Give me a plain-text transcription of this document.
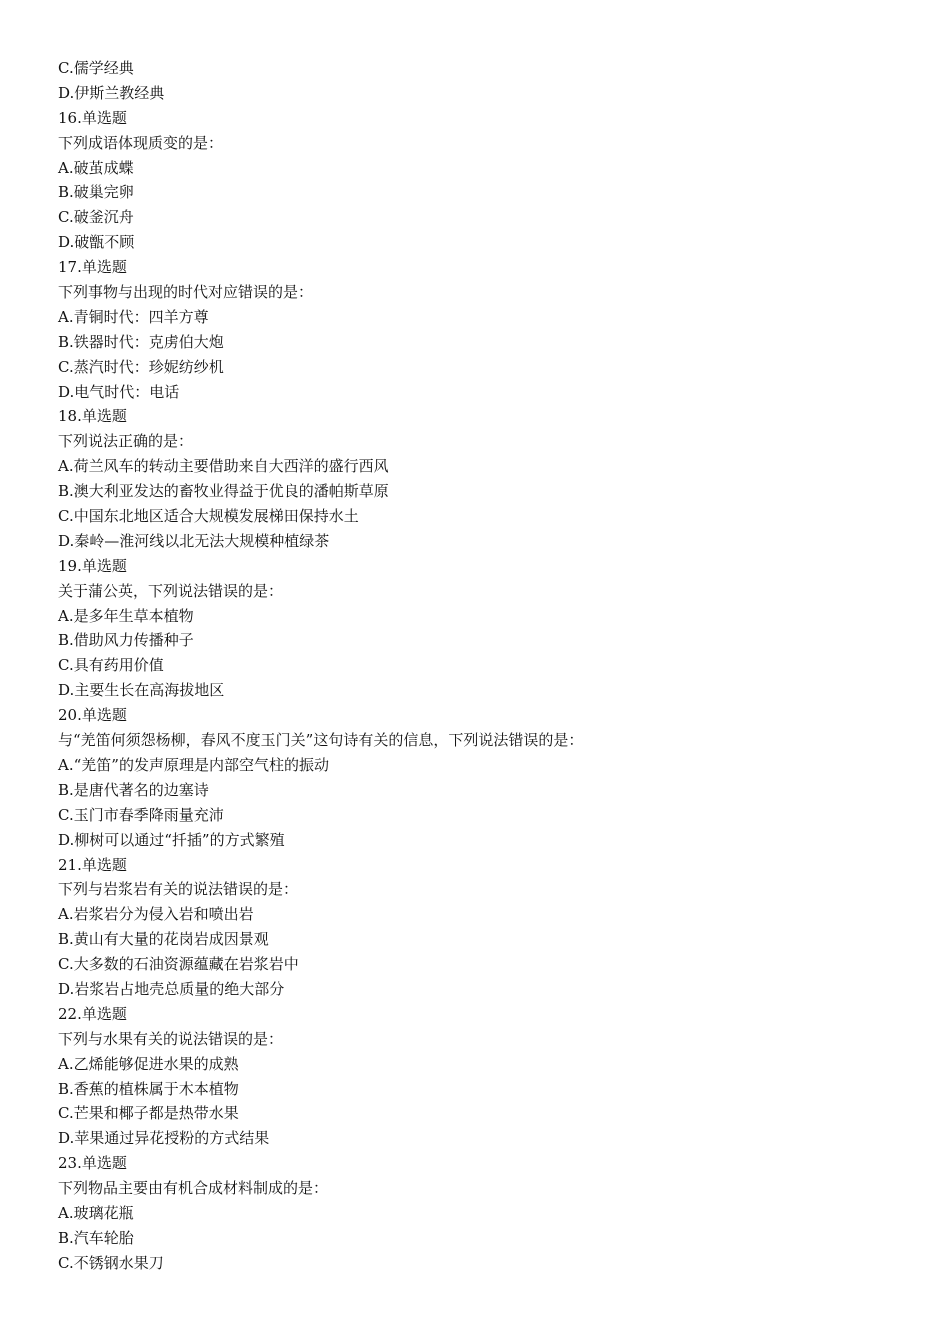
C.儒学经典
D.伊斯兰教经典
16.单选题
下列成语体现质变的是：
A.破茧成蝶
B.破巢完卵
C.破釜沉舟
D.破甑不顾
17.单选题
下列事物与出现的时代对应错误的是：
A.青铜时代：四羊方尊
B.铁器时代：克虏伯大炮
C.蒸汽时代：珍妮纺纱机
D.电气时代：电话
18.单选题
下列说法正确的是：
A.荷兰风车的转动主要借助来自大西洋的盛行西风
B.澳大利亚发达的畜牧业得益于优良的潘帕斯草原
C.中国东北地区适合大规模发展梯田保持水土
D.秦岭—淮河线以北无法大规模种植绿茶
19.单选题
关于蒲公英，下列说法错误的是：
A.是多年生草本植物
B.借助风力传播种子
C.具有药用价值
D.主要生长在高海拔地区
20.单选题
与“羌笛何须怨杨柳，春风不度玉门关”这句诗有关的信息，下列说法错误的是：
A.“羌笛”的发声原理是内部空气柱的振动
B.是唐代著名的边塞诗
C.玉门市春季降雨量充沛
D.柳树可以通过“扦插”的方式繁殖
21.单选题
下列与岩浆岩有关的说法错误的是：
A.岩浆岩分为侵入岩和喷出岩
B.黄山有大量的花岗岩成因景观
C.大多数的石油资源蕴藏在岩浆岩中
D.岩浆岩占地壳总质量的绝大部分
22.单选题
下列与水果有关的说法错误的是：
A.乙烯能够促进水果的成熟
B.香蕉的植株属于木本植物
C.芒果和椰子都是热带水果
D.苹果通过异花授粉的方式结果
23.单选题
下列物品主要由有机合成材料制成的是：
A.玻璃花瓶
B.汽车轮胎
C.不锈钢水果刀
